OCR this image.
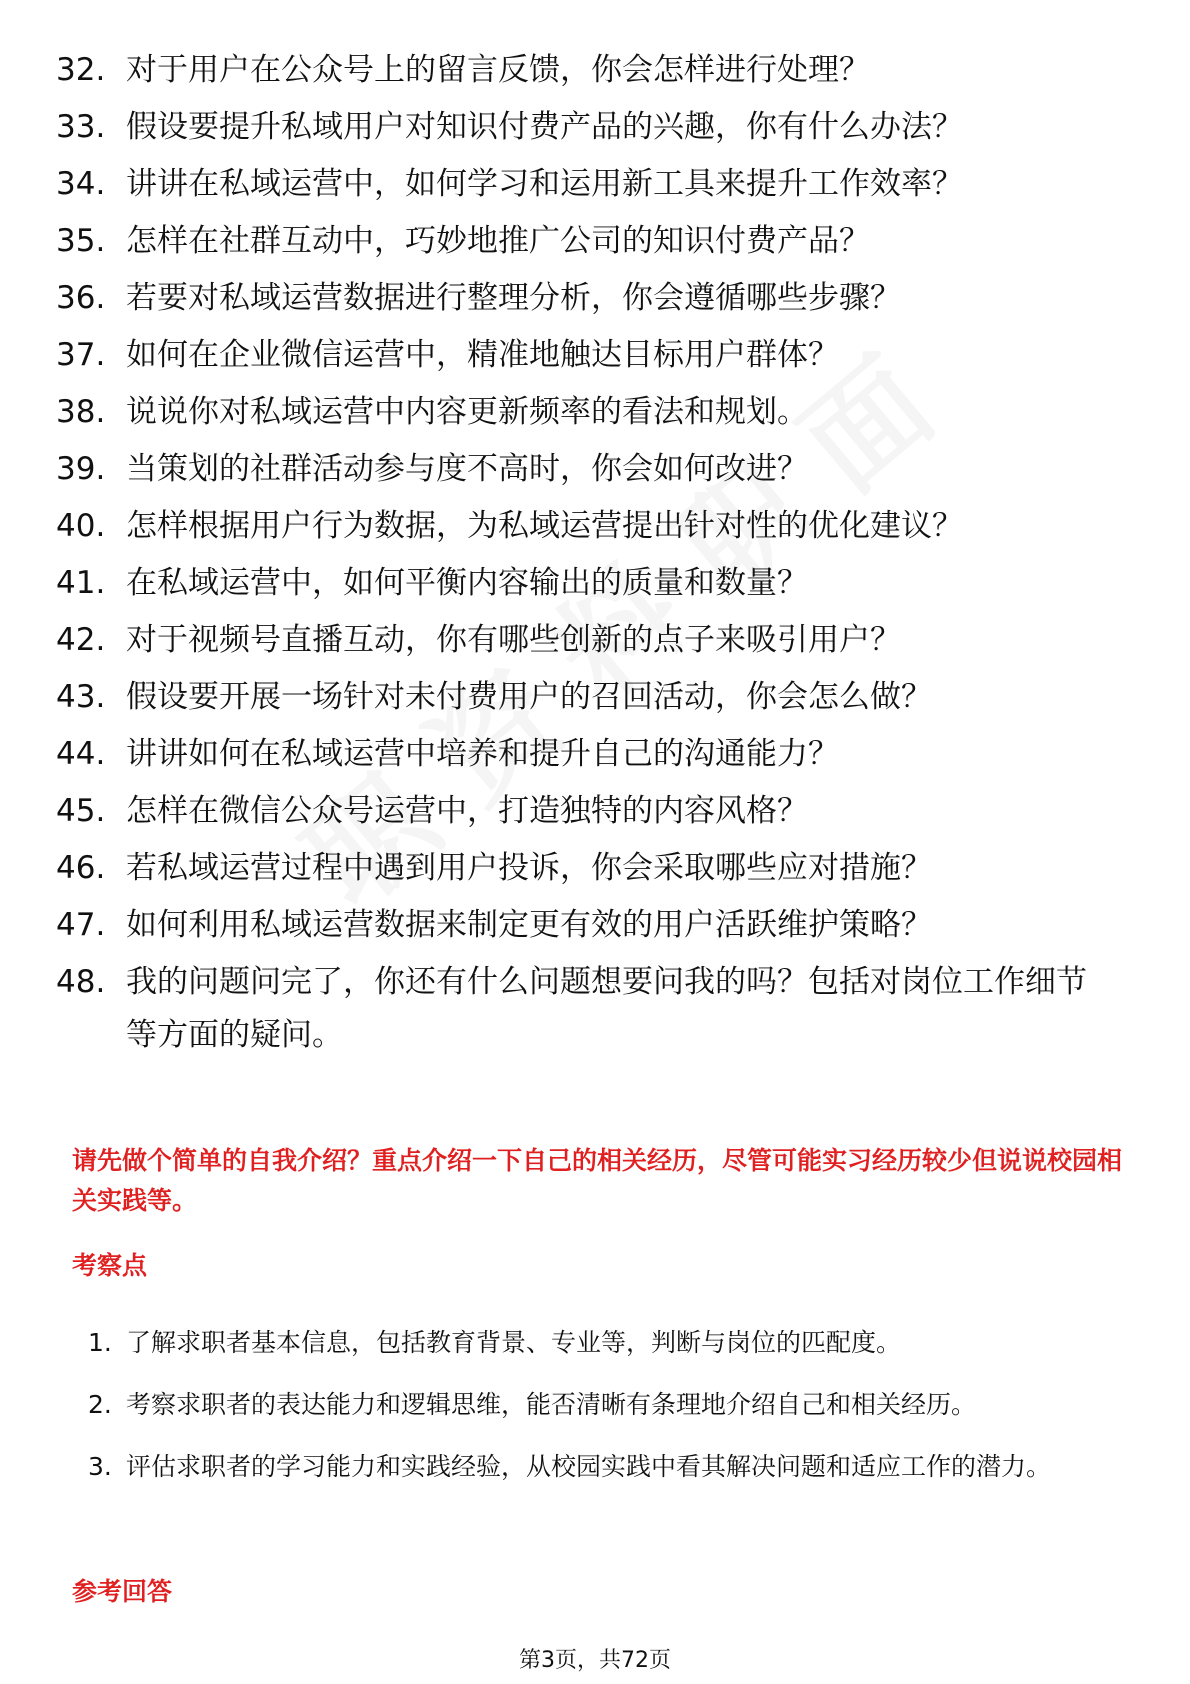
32. 对于用户在公众号上的留言反馈，你会怎样进行处理？
33. 假设要提升私域用户对知识付费产品的兴趣，你有什么办法？
34. 讲讲在私域运营中，如何学习和运用新工具来提升工作效率？
35. 怎样在社群互动中，巧妙地推广公司的知识付费产品？
36. 若要对私域运营数据进行整理分析，你会遵循哪些步骤？
37. 如何在企业微信运营中，精准地触达目标用户群体？
38. 说说你对私域运营中内容更新频率的看法和规划。
39. 当策划的社群活动参与度不高时，你会如何改进？
40. 怎样根据用户行为数据，为私域运营提出针对性的优化建议？
41. 在私域运营中，如何平衡内容输出的质量和数量？
42. 对于视频号直播互动，你有哪些创新的点子来吸引用户？
43. 假设要开展一场针对未付费用户的召回活动，你会怎么做？
44. 讲讲如何在私域运营中培养和提升自己的沟通能力？
45. 怎样在微信公众号运营中，打造独特的内容风格？
46. 若私域运营过程中遇到用户投诉，你会采取哪些应对措施？
47. 如何利用私域运营数据来制定更有效的用户活跃维护策略？
48. 我的问题问完了，你还有什么问题想要问我的吗？包括对岗位工作细节等方面的疑问。
请先做个简单的自我介绍？重点介绍一下自己的相关经历，尽管可能实习经历较少但说说校园相关实践等。
考察点
1. 了解求职者基本信息，包括教育背景、专业等，判断与岗位的匹配度。
2. 考察求职者的表达能力和逻辑思维，能否清晰有条理地介绍自己和相关经历。
3. 评估求职者的学习能力和实践经验，从校园实践中看其解决问题和适应工作的潜力。
参考回答
第3页，共72页
